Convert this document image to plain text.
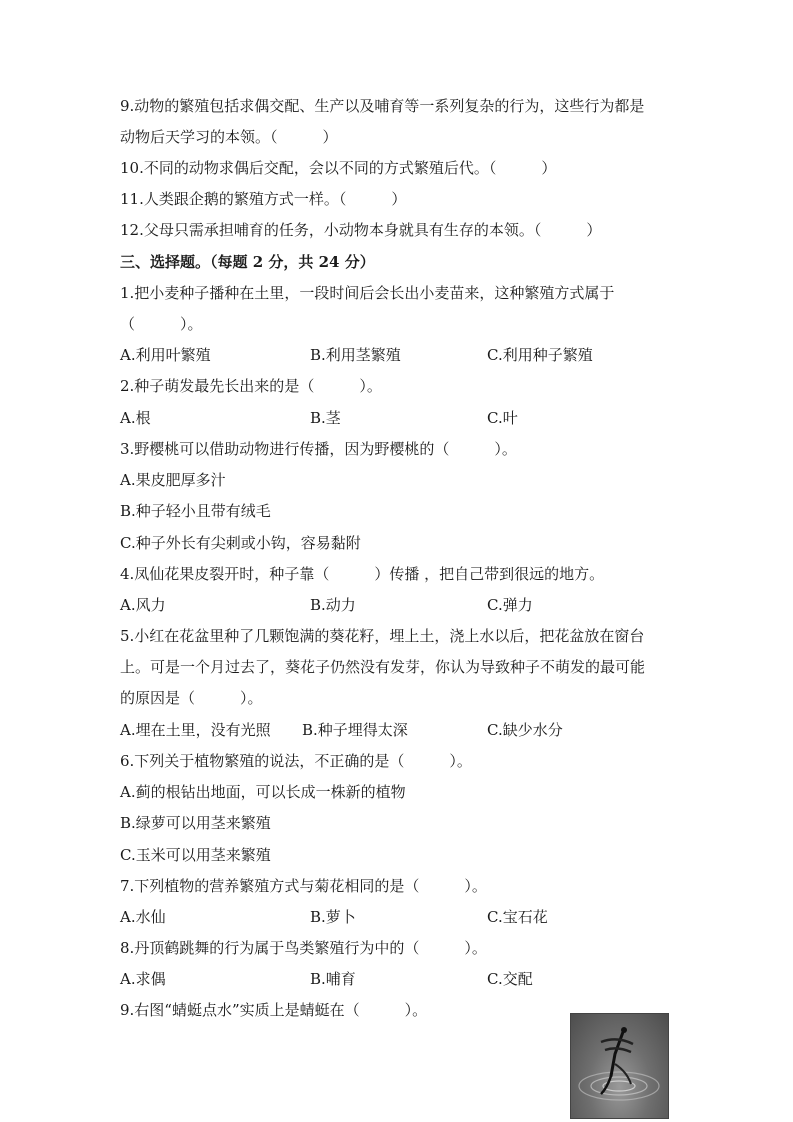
9.动物的繁殖包括求偶交配、生产以及哺育等一系列复杂的行为，这些行为都是
动物后天学习的本领。（　　　）
10.不同的动物求偶后交配，会以不同的方式繁殖后代。（　　　）
11.人类跟企鹅的繁殖方式一样。（　　　）
12.父母只需承担哺育的任务，小动物本身就具有生存的本领。（　　　）
三、选择题。（每题 2 分，共 24 分）
1.把小麦种子播种在土里，一段时间后会长出小麦苗来，这种繁殖方式属于
（　　　）。
A.利用叶繁殖	B.利用茎繁殖	C.利用种子繁殖
2.种子萌发最先长出来的是（　　　）。
A.根	B.茎	C.叶
3.野樱桃可以借助动物进行传播，因为野樱桃的（　　　）。
A.果皮肥厚多汁
B.种子轻小且带有绒毛
C.种子外长有尖刺或小钩，容易黏附
4.凤仙花果皮裂开时，种子靠（　　　）传播 ，把自己带到很远的地方。
A.风力	B.动力	C.弹力
5.小红在花盆里种了几颗饱满的葵花籽，埋上土，浇上水以后，把花盆放在窗台
上。可是一个月过去了，葵花子仍然没有发芽，你认为导致种子不萌发的最可能
的原因是（　　　）。
A.埋在土里，没有光照 B.种子埋得太深	C.缺少水分
6.下列关于植物繁殖的说法，不正确的是（　　　）。
A.蓟的根钻出地面，可以长成一株新的植物
B.绿萝可以用茎来繁殖
C.玉米可以用茎来繁殖
7.下列植物的营养繁殖方式与菊花相同的是（　　　）。
A.水仙	B.萝卜	C.宝石花
8.丹顶鹤跳舞的行为属于鸟类繁殖行为中的（　　　）。
A.求偶	B.哺育	C.交配
9.右图“蜻蜓点水”实质上是蜻蜓在（　　　）。
